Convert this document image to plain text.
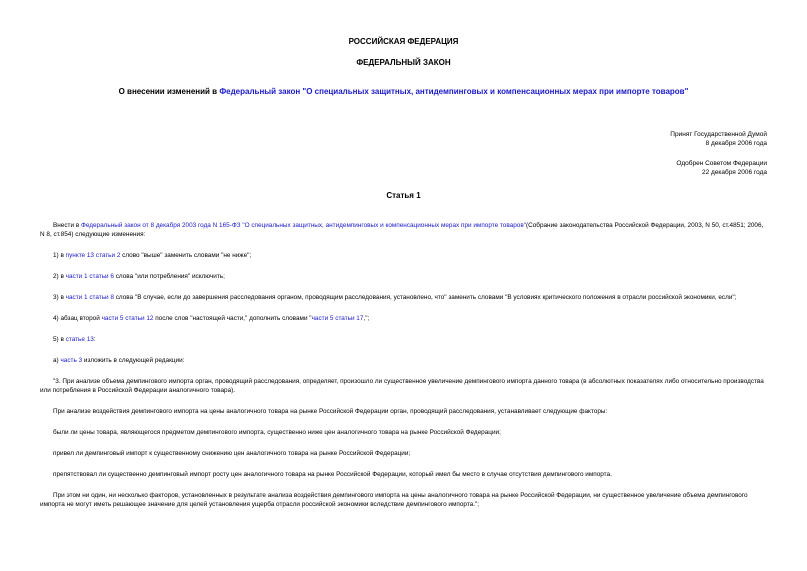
РОССИЙСКАЯ ФЕДЕРАЦИЯ
ФЕДЕРАЛЬНЫЙ ЗАКОН
О внесении изменений в Федеральный закон "О специальных защитных, антидемпинговых и компенсационных мерах при импорте товаров"
Принят Государственной Думой
8 декабря 2006 года
Одобрен Советом Федерации
22 декабря 2006 года
Статья 1

Внести в Федеральный закон от 8 декабря 2003 года N 165-ФЗ "О специальных защитных, антидемпинговых и компенсационных мерах при импорте товаров"(Собрание законодательства Российской Федерации, 2003, N 50, ст.4851; 2006, N 8, ст.854) следующие изменения:

1) в пункте 13 статьи 2 слово "выше" заменить словами "не ниже";

2) в части 1 статьи 6 слова "или потребления" исключить;

3) в части 1 статьи 8 слова "В случае, если до завершения расследования органом, проводящим расследования, установлено, что" заменить словами "В условиях критического положения в отрасли российской экономики, если";

4) абзац второй части 5 статьи 12 после слов "настоящей части," дополнить словами "части 5 статьи 17,";

5) в статье 13:

а) часть 3 изложить в следующей редакции:

"3. При анализе объема демпингового импорта орган, проводящий расследования, определяет, произошло ли существенное увеличение демпингового импорта данного товара (в абсолютных показателях либо относительно производства или потребления в Российской Федерации аналогичного товара).

При анализе воздействия демпингового импорта на цены аналогичного товара на рынке Российской Федерации орган, проводящий расследования, устанавливает следующие факторы:

были ли цены товара, являющегося предметом демпингового импорта, существенно ниже цен аналогичного товара на рынке Российской Федерации;

привел ли демпинговый импорт к существенному снижению цен аналогичного товара на рынке Российской Федерации;

препятствовал ли существенно демпинговый импорт росту цен аналогичного товара на рынке Российской Федерации, который имел бы место в случае отсутствия демпингового импорта.

При этом ни один, ни несколько факторов, установленных в результате анализа воздействия демпингового импорта на цены аналогичного товара на рынке Российской Федерации, ни существенное увеличение объема демпингового импорта не могут иметь решающее значение для целей установления ущерба отрасли российской экономики вследствие демпингового импорта.";
